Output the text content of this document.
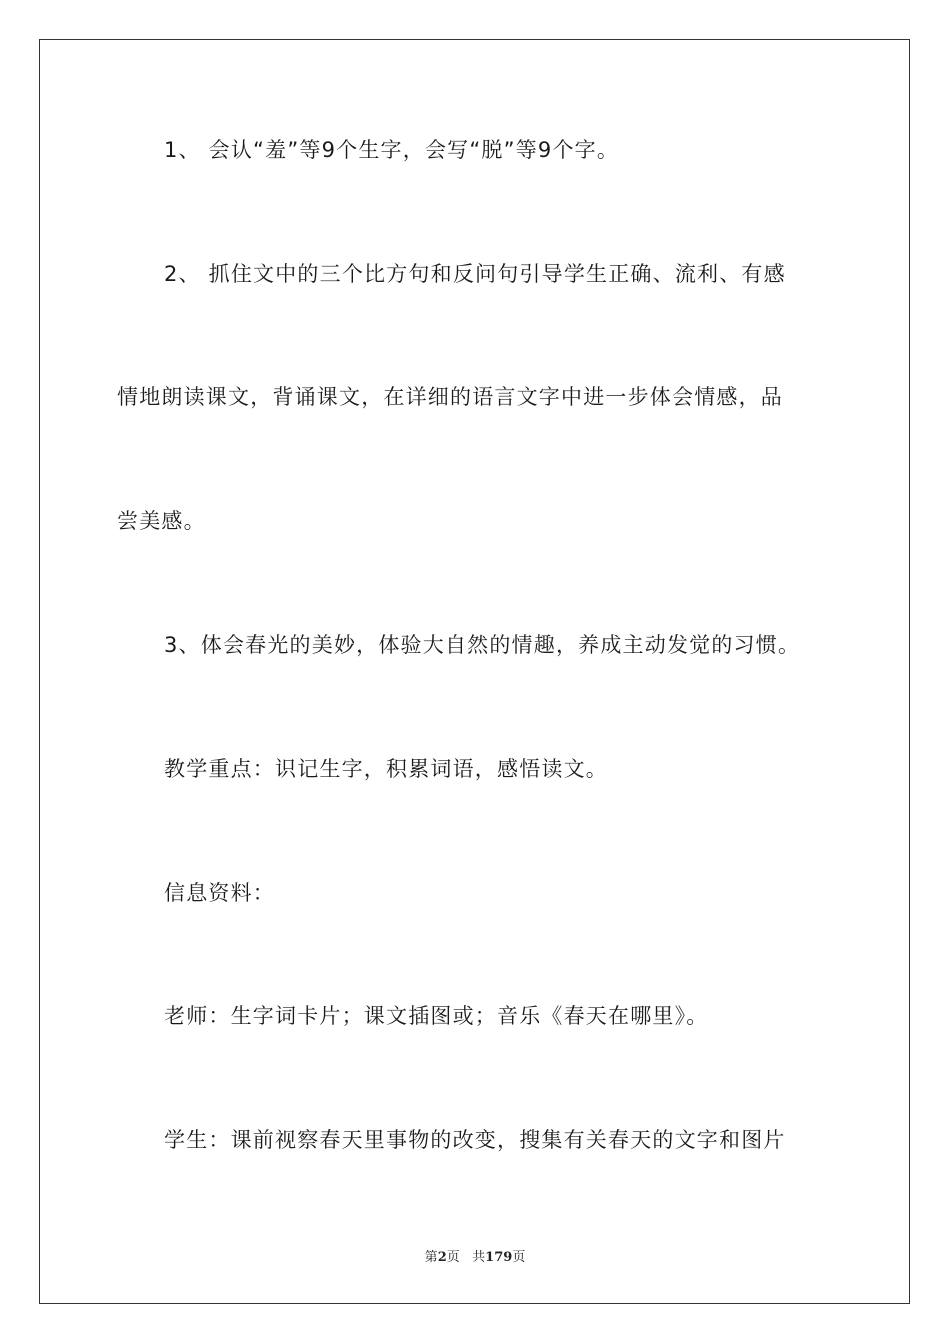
1、 会认“羞”等9个生字，会写“脱”等9个字。
2、 抓住文中的三个比方句和反问句引导学生正确、流利、有感
情地朗读课文，背诵课文，在详细的语言文字中进一步体会情感，品
尝美感。
3、体会春光的美妙，体验大自然的情趣，养成主动发觉的习惯。
教学重点：识记生字，积累词语，感悟读文。
信息资料：
老师：生字词卡片；课文插图或；音乐《春天在哪里》。
学生：课前视察春天里事物的改变，搜集有关春天的文字和图片
第2页 共179页
